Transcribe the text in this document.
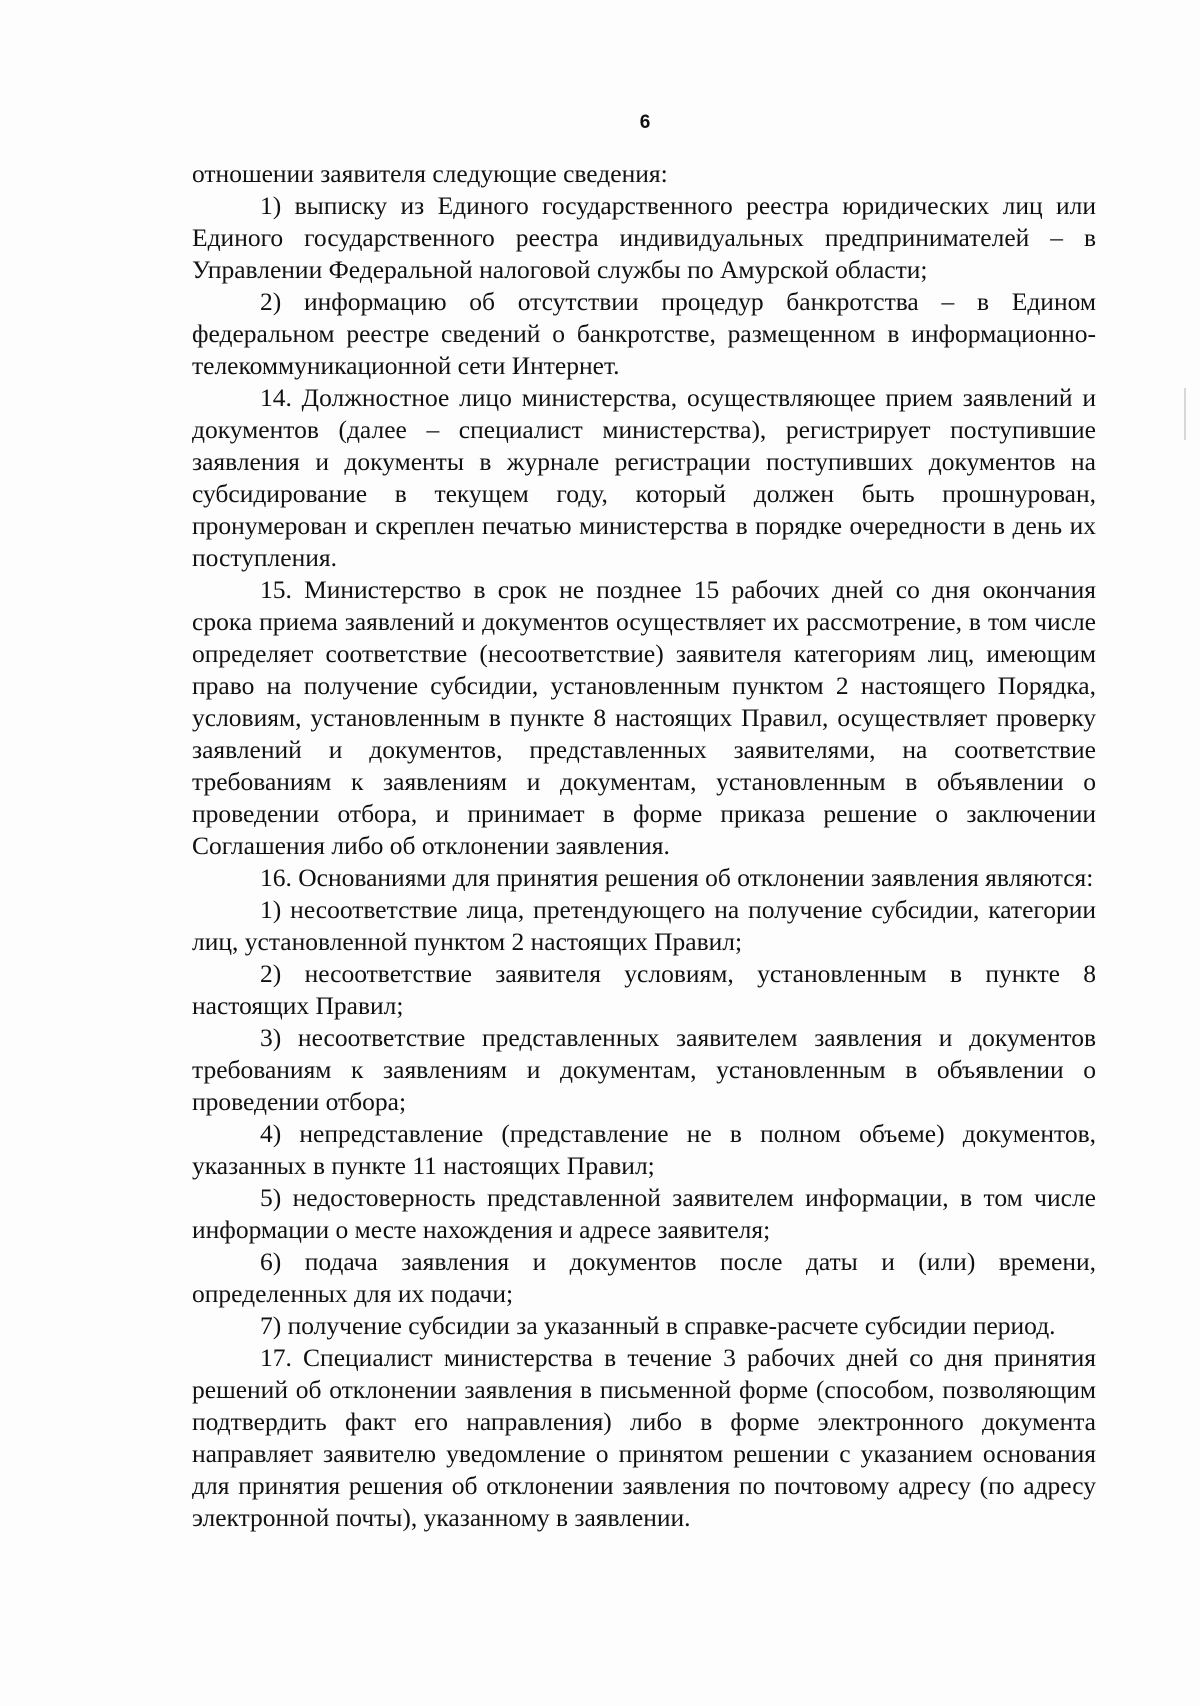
6

отношении заявителя следующие сведения:

1) выписку из Единого государственного реестра юридических лиц или Единого государственного реестра индивидуальных предпринимателей – в Управлении Федеральной налоговой службы по Амурской области;

2) информацию об отсутствии процедур банкротства – в Едином федеральном реестре сведений о банкротстве, размещенном в информационно-телекоммуникационной сети Интернет.

14. Должностное лицо министерства, осуществляющее прием заявлений и документов (далее – специалист министерства), регистрирует поступившие заявления и документы в журнале регистрации поступивших документов на субсидирование в текущем году, который должен быть прошнурован, пронумерован и скреплен печатью министерства в порядке очередности в день их поступления.

15. Министерство в срок не позднее 15 рабочих дней со дня окончания срока приема заявлений и документов осуществляет их рассмотрение, в том числе определяет соответствие (несоответствие) заявителя категориям лиц, имеющим право на получение субсидии, установленным пунктом 2 настоящего Порядка, условиям, установленным в пункте 8 настоящих Правил, осуществляет проверку заявлений и документов, представленных заявителями, на соответствие требованиям к заявлениям и документам, установленным в объявлении о проведении отбора, и принимает в форме приказа решение о заключении Соглашения либо об отклонении заявления.

16. Основаниями для принятия решения об отклонении заявления являются:

1) несоответствие лица, претендующего на получение субсидии, категории лиц, установленной пунктом 2 настоящих Правил;

2) несоответствие заявителя условиям, установленным в пункте 8 настоящих Правил;

3) несоответствие представленных заявителем заявления и документов требованиям к заявлениям и документам, установленным в объявлении о проведении отбора;

4) непредставление (представление не в полном объеме) документов, указанных в пункте 11 настоящих Правил;

5) недостоверность представленной заявителем информации, в том числе информации о месте нахождения и адресе заявителя;

6) подача заявления и документов после даты и (или) времени, определенных для их подачи;

7) получение субсидии за указанный в справке-расчете субсидии период.

17. Специалист министерства в течение 3 рабочих дней со дня принятия решений об отклонении заявления в письменной форме (способом, позволяющим подтвердить факт его направления) либо в форме электронного документа направляет заявителю уведомление о принятом решении с указанием основания для принятия решения об отклонении заявления по почтовому адресу (по адресу электронной почты), указанному в заявлении.
